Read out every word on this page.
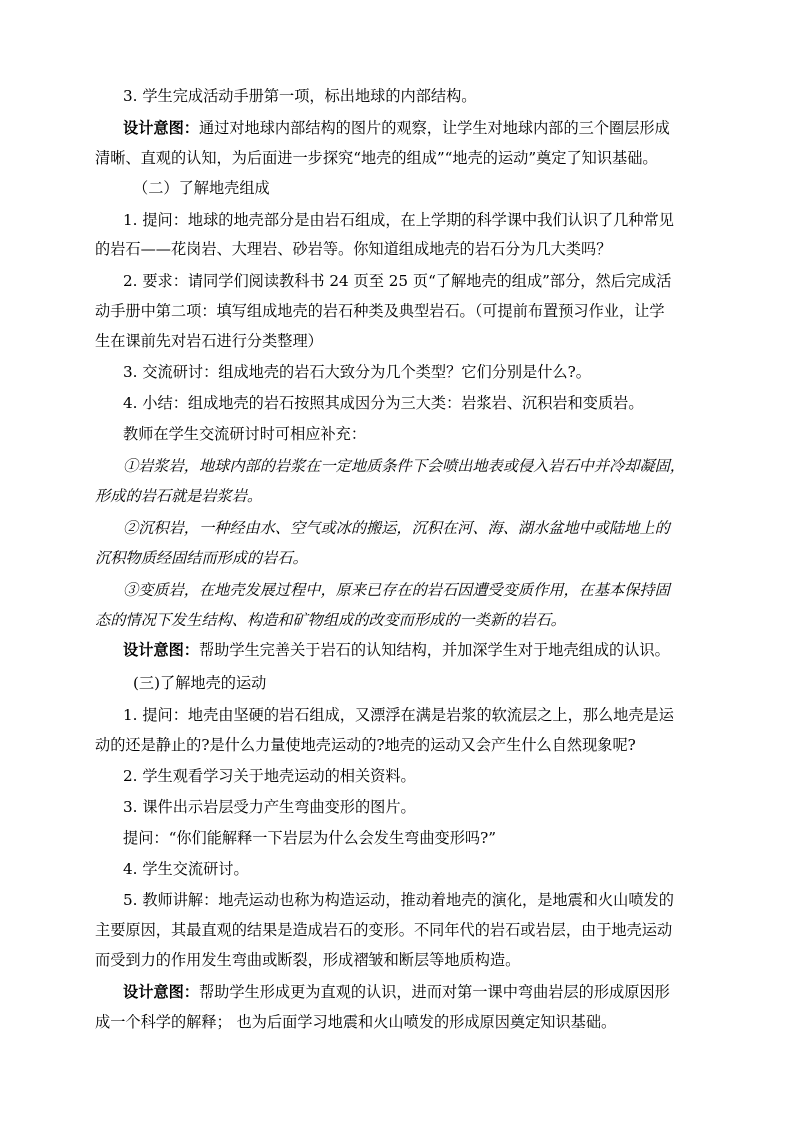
3. 学生完成活动手册第一项，标出地球的内部结构。
设计意图：通过对地球内部结构的图片的观察，让学生对地球内部的三个圈层形成
清晰、直观的认知，为后面进一步探究“地壳的组成”“地壳的运动”奠定了知识基础。
（二）了解地壳组成
1. 提问：地球的地壳部分是由岩石组成，在上学期的科学课中我们认识了几种常见
的岩石——花岗岩、大理岩、砂岩等。你知道组成地壳的岩石分为几大类吗？
2. 要求：请同学们阅读教科书 24 页至 25 页“了解地壳的组成”部分，然后完成活
动手册中第二项：填写组成地壳的岩石种类及典型岩石。（可提前布置预习作业，让学
生在课前先对岩石进行分类整理）
3. 交流研讨：组成地壳的岩石大致分为几个类型？它们分别是什么?。
4. 小结：组成地壳的岩石按照其成因分为三大类：岩浆岩、沉积岩和变质岩。
教师在学生交流研讨时可相应补充：
①岩浆岩，地球内部的岩浆在一定地质条件下会喷出地表或侵入岩石中并冷却凝固，
形成的岩石就是岩浆岩。
②沉积岩，一种经由水、空气或冰的搬运，沉积在河、海、湖水盆地中或陆地上的
沉积物质经固结而形成的岩石。
③变质岩，在地壳发展过程中，原来已存在的岩石因遭受变质作用，在基本保持固
态的情况下发生结构、构造和矿物组成的改变而形成的一类新的岩石。
设计意图：帮助学生完善关于岩石的认知结构，并加深学生对于地壳组成的认识。
(三)了解地壳的运动
1. 提问：地壳由坚硬的岩石组成，又漂浮在满是岩浆的软流层之上，那么地壳是运
动的还是静止的?是什么力量使地壳运动的?地壳的运动又会产生什么自然现象呢?
2. 学生观看学习关于地壳运动的相关资料。
3. 课件出示岩层受力产生弯曲变形的图片。
提问：“你们能解释一下岩层为什么会发生弯曲变形吗?”
4. 学生交流研讨。
5. 教师讲解：地壳运动也称为构造运动，推动着地壳的演化，是地震和火山喷发的
主要原因，其最直观的结果是造成岩石的变形。不同年代的岩石或岩层，由于地壳运动
而受到力的作用发生弯曲或断裂，形成褶皱和断层等地质构造。
设计意图：帮助学生形成更为直观的认识，进而对第一课中弯曲岩层的形成原因形
成一个科学的解释； 也为后面学习地震和火山喷发的形成原因奠定知识基础。
